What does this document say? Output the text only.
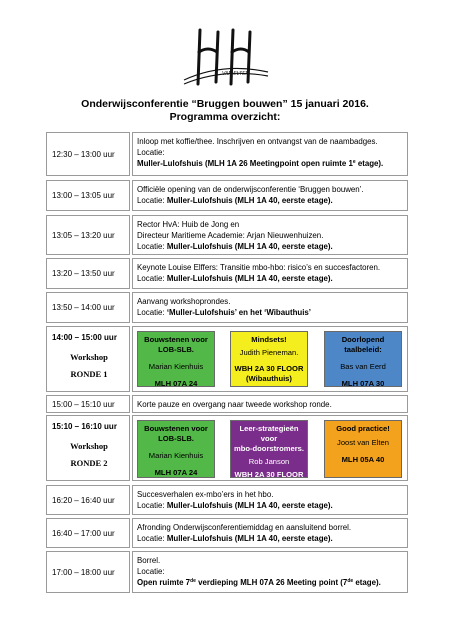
VAN ELTEN
Onderwijsconferentie “Bruggen bouwen” 15 januari 2016.
Programma overzicht:
12:30 – 13:00 uur
Inloop met koffie/thee. Inschrijven en ontvangst van de naambadges.
Locatie:
Muller-Lulofshuis (MLH 1A 26 Meetingpoint open ruimte 1e etage).
13:00 – 13:05 uur
Officiële opening van de onderwijsconferentie ‘Bruggen bouwen’.
Locatie: Muller-Lulofshuis (MLH 1A 40, eerste etage).
13:05 – 13:20 uur
Rector HvA: Huib de Jong en
Directeur Maritieme Academie: Arjan Nieuwenhuizen.
Locatie: Muller-Lulofshuis (MLH 1A 40, eerste etage).
13:20 – 13:50 uur
Keynote Louise Elffers: Transitie mbo-hbo: risico’s en succesfactoren.
Locatie: Muller-Lulofshuis (MLH 1A 40, eerste etage).
13:50 – 14:00 uur
Aanvang workshoprondes.
Locatie: ‘Muller-Lulofshuis’ en het ‘Wibauthuis’
14:00 – 15:00 uur
Workshop
RONDE 1
Bouwstenen voor
LOB-SLB.
Marian Kienhuis
MLH 07A 24
Mindsets!
Judith Pieneman.
WBH 2A 30 FLOOR
(Wibauthuis)
Doorlopend
taalbeleid:
Bas van Eerd
MLH 07A 30
15:00 – 15:10 uur	Korte pauze en overgang naar tweede workshop ronde.
15:10 – 16:10 uur
Workshop
RONDE 2
Bouwstenen voor
LOB-SLB.
Marian Kienhuis
MLH 07A 24
Leer-strategieën voor
mbo-doorstromers.
Rob Janson
WBH 2A 30 FLOOR
(Wibauthuis)
Good practice!
Joost van Elten
MLH 05A 40
16:20 – 16:40 uur
Succesverhalen ex-mbo’ers in het hbo.
Locatie: Muller-Lulofshuis (MLH 1A 40, eerste etage).
16:40 – 17:00 uur
Afronding Onderwijsconferentiemiddag en aansluitend borrel.
Locatie: Muller-Lulofshuis (MLH 1A 40, eerste etage).
17:00 – 18:00 uur
Borrel.
Locatie:
Open ruimte 7de verdieping MLH 07A 26 Meeting point (7de etage).
